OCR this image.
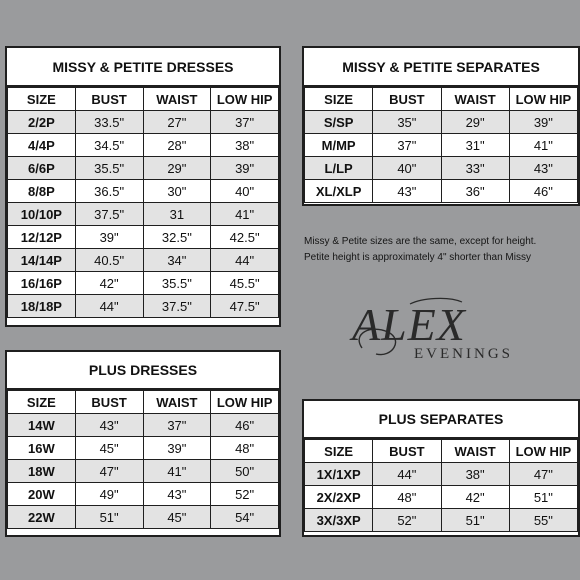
MISSY & PETITE DRESSES
SIZE	BUST	WAIST	LOW HIP
2/2P	33.5"	27"	37"
4/4P	34.5"	28"	38"
6/6P	35.5"	29"	39"
8/8P	36.5"	30"	40"
10/10P	37.5"	31	41"
12/12P	39"	32.5"	42.5"
14/14P	40.5"	34"	44"
16/16P	42"	35.5"	45.5"
18/18P	44"	37.5"	47.5"
MISSY & PETITE SEPARATES
SIZE	BUST	WAIST	LOW HIP
S/SP	35"	29"	39"
M/MP	37"	31"	41"
L/LP	40"	33"	43"
XL/XLP	43"	36"	46"
Missy & Petite sizes are the same, except for height.
Petite height is approximately 4" shorter than Missy
ALEX
EVENINGS
PLUS DRESSES
SIZE	BUST	WAIST	LOW HIP
14W	43"	37"	46"
16W	45"	39"	48"
18W	47"	41"	50"
20W	49"	43"	52"
22W	51"	45"	54"
PLUS SEPARATES
SIZE	BUST	WAIST	LOW HIP
1X/1XP	44"	38"	47"
2X/2XP	48"	42"	51"
3X/3XP	52"	51"	55"
